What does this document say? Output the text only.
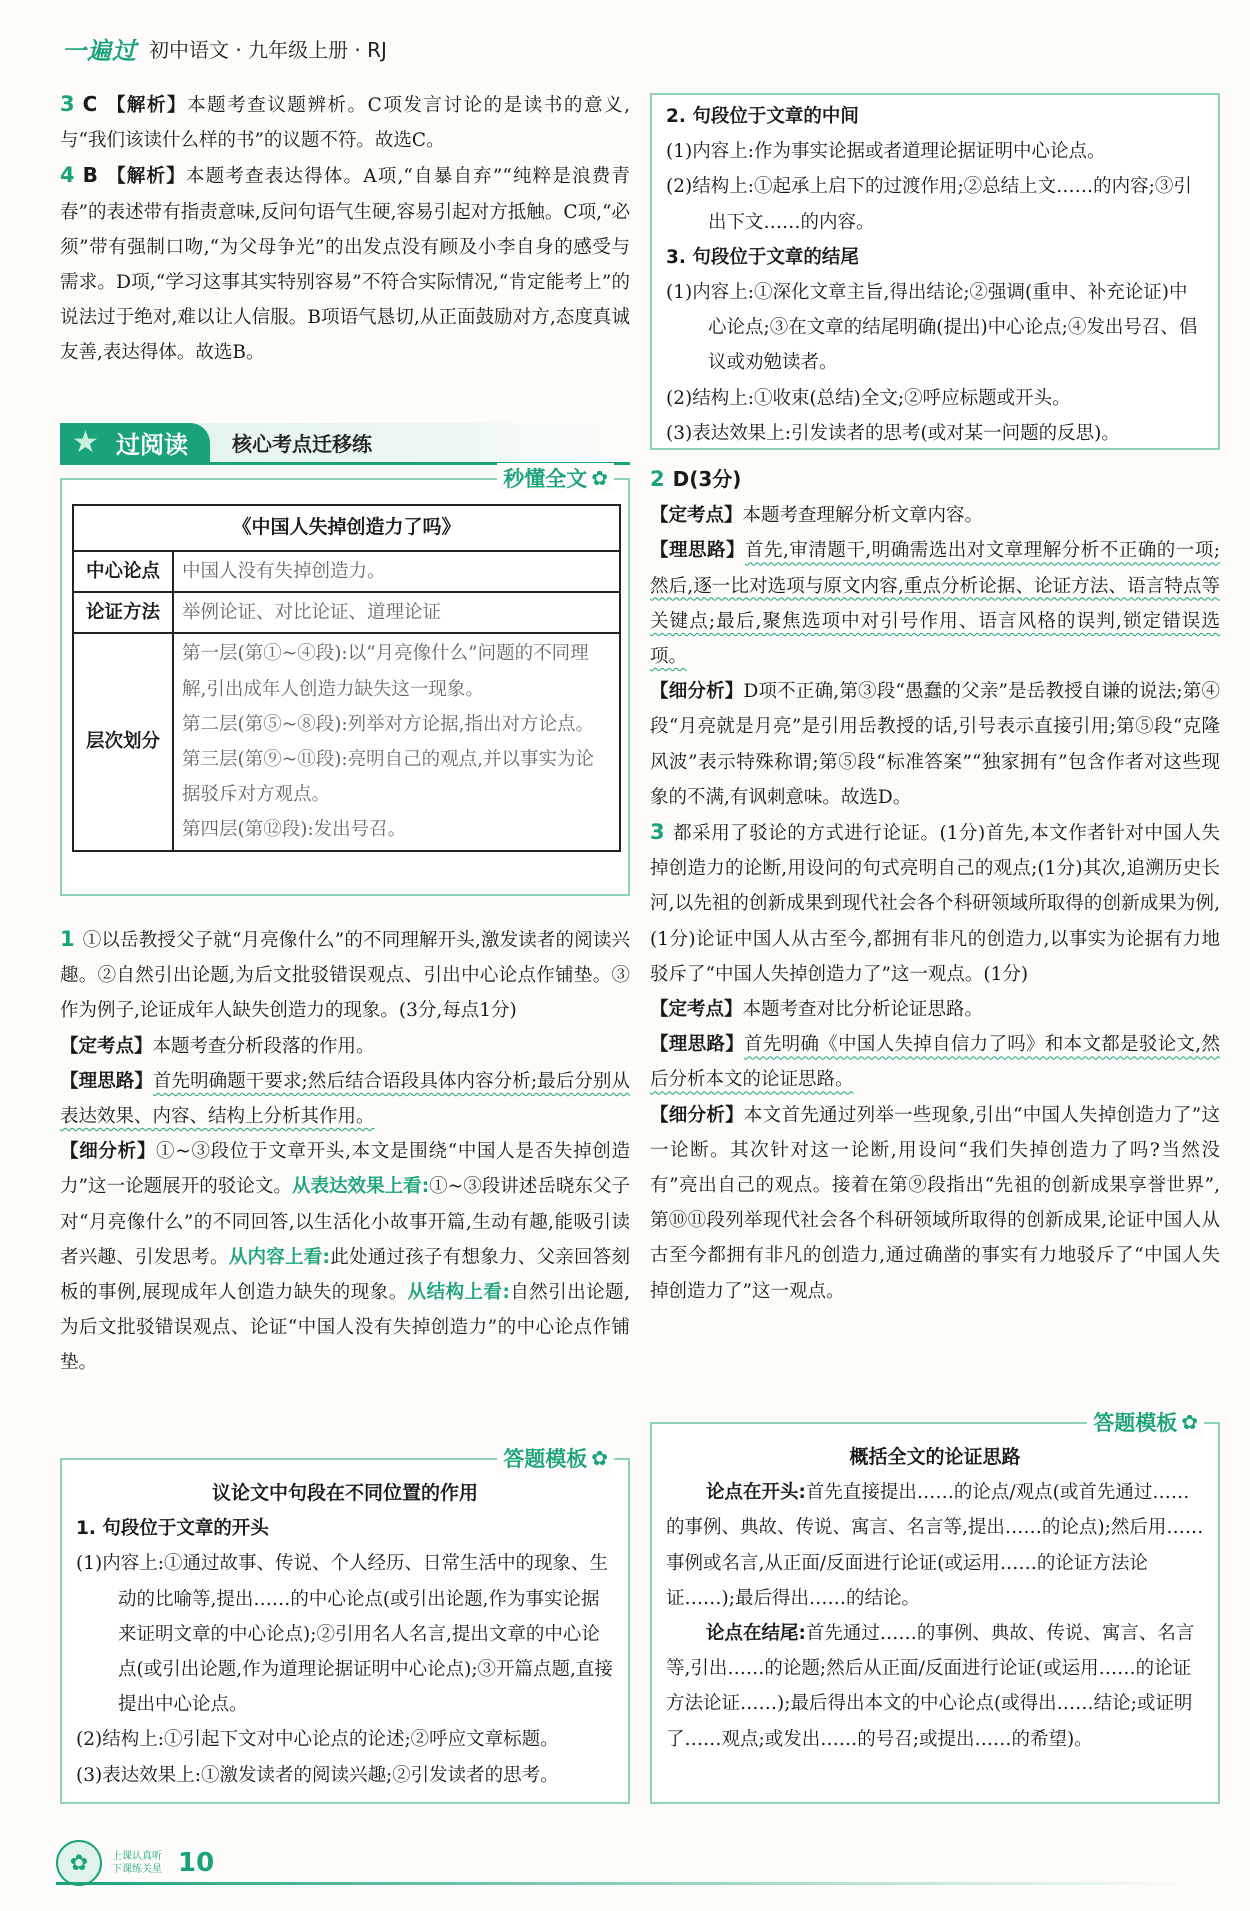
一遍过 初中语文 · 九年级上册 · RJ

3 C 【解析】本题考查议题辨析。C项发言讨论的是读书的意义,与“我们该读什么样的书”的议题不符。故选C。

4 B 【解析】本题考查表达得体。A项,“自暴自弃”“纯粹是浪费青春”的表述带有指责意味,反问句语气生硬,容易引起对方抵触。C项,“必须”带有强制口吻,“为父母争光”的出发点没有顾及小李自身的感受与需求。D项,“学习这事其实特别容易”不符合实际情况,“肯定能考上”的说法过于绝对,难以让人信服。B项语气恳切,从正面鼓励对方,态度真诚友善,表达得体。故选B。

★ 过阅读	核心考点迁移练
秒懂全文 ✿
《中国人失掉创造力了吗》	
中心论点	中国人没有失掉创造力。
论证方法	举例论证、对比论证、道理论证
层次划分	第一层(第①~④段):以“月亮像什么”问题的不同理解,引出成年人创造力缺失这一现象。
第二层(第⑤~⑧段):列举对方论据,指出对方论点。
第三层(第⑨~⑪段):亮明自己的观点,并以事实为论据驳斥对方观点。
第四层(第⑫段):发出号召。

1 ①以岳教授父子就“月亮像什么”的不同理解开头,激发读者的阅读兴趣。②自然引出论题,为后文批驳错误观点、引出中心论点作铺垫。③作为例子,论证成年人缺失创造力的现象。(3分,每点1分)

【定考点】本题考查分析段落的作用。

【理思路】首先明确题干要求;然后结合语段具体内容分析;最后分别从表达效果、内容、结构上分析其作用。

【细分析】①~③段位于文章开头,本文是围绕“中国人是否失掉创造力”这一论题展开的驳论文。从表达效果上看:①~③段讲述岳晓东父子对“月亮像什么”的不同回答,以生活化小故事开篇,生动有趣,能吸引读者兴趣、引发思考。从内容上看:此处通过孩子有想象力、父亲回答刻板的事例,展现成年人创造力缺失的现象。从结构上看:自然引出论题,为后文批驳错误观点、论证“中国人没有失掉创造力”的中心论点作铺垫。

答题模板 ✿
议论文中句段在不同位置的作用
1. 句段位于文章的开头
(1)内容上:①通过故事、传说、个人经历、日常生活中的现象、生动的比喻等,提出……的中心论点(或引出论题,作为事实论据来证明文章的中心论点);②引用名人名言,提出文章的中心论点(或引出论题,作为道理论据证明中心论点);③开篇点题,直接提出中心论点。
(2)结构上:①引起下文对中心论点的论述;②呼应文章标题。
(3)表达效果上:①激发读者的阅读兴趣;②引发读者的思考。
2. 句段位于文章的中间
(1)内容上:作为事实论据或者道理论据证明中心论点。
(2)结构上:①起承上启下的过渡作用;②总结上文……的内容;③引出下文……的内容。
3. 句段位于文章的结尾
(1)内容上:①深化文章主旨,得出结论;②强调(重申、补充论证)中心论点;③在文章的结尾明确(提出)中心论点;④发出号召、倡议或劝勉读者。
(2)结构上:①收束(总结)全文;②呼应标题或开头。
(3)表达效果上:引发读者的思考(或对某一问题的反思)。

2 D(3分)

【定考点】本题考查理解分析文章内容。

【理思路】首先,审清题干,明确需选出对文章理解分析不正确的一项;然后,逐一比对选项与原文内容,重点分析论据、论证方法、语言特点等关键点;最后,聚焦选项中对引号作用、语言风格的误判,锁定错误选项。

【细分析】D项不正确,第③段“愚蠢的父亲”是岳教授自谦的说法;第④段“月亮就是月亮”是引用岳教授的话,引号表示直接引用;第⑤段“克隆风波”表示特殊称谓;第⑤段“标准答案”“独家拥有”包含作者对这些现象的不满,有讽刺意味。故选D。

3 都采用了驳论的方式进行论证。(1分)首先,本文作者针对中国人失掉创造力的论断,用设问的句式亮明自己的观点;(1分)其次,追溯历史长河,以先祖的创新成果到现代社会各个科研领域所取得的创新成果为例,(1分)论证中国人从古至今,都拥有非凡的创造力,以事实为论据有力地驳斥了“中国人失掉创造力了”这一观点。(1分)

【定考点】本题考查对比分析论证思路。

【理思路】首先明确《中国人失掉自信力了吗》和本文都是驳论文,然后分析本文的论证思路。

【细分析】本文首先通过列举一些现象,引出“中国人失掉创造力了”这一论断。其次针对这一论断,用设问“我们失掉创造力了吗?当然没有”亮出自己的观点。接着在第⑨段指出“先祖的创新成果享誉世界”,第⑩⑪段列举现代社会各个科研领域所取得的创新成果,论证中国人从古至今都拥有非凡的创造力,通过确凿的事实有力地驳斥了“中国人失掉创造力了”这一观点。

答题模板 ✿
概括全文的论证思路
论点在开头:首先直接提出……的论点/观点(或首先通过……的事例、典故、传说、寓言、名言等,提出……的论点);然后用……事例或名言,从正面/反面进行论证(或运用……的论证方法论证……);最后得出……的结论。
论点在结尾:首先通过……的事例、典故、传说、寓言、名言等,引出……的论题;然后从正面/反面进行论证(或运用……的论证方法论证……);最后得出本文的中心论点(或得出……结论;或证明了……观点;或发出……的号召;或提出……的希望)。
✿	上课认真听
下课练关星 10
